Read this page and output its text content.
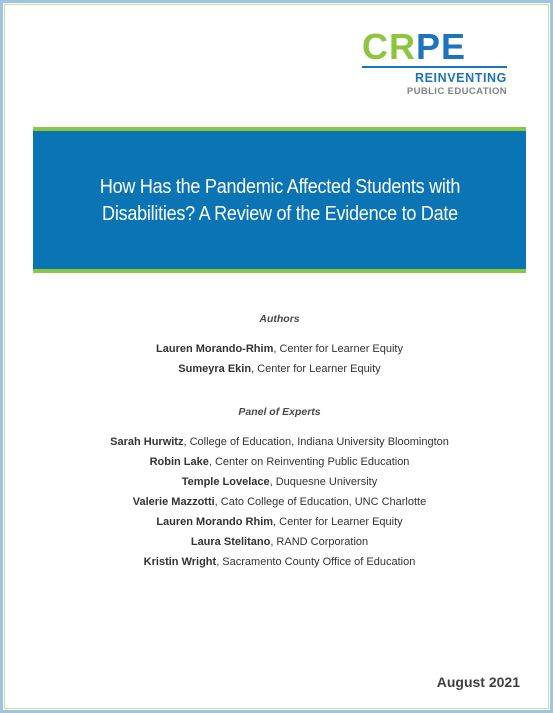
CRPE
REINVENTING
PUBLIC EDUCATION
How Has the Pandemic Affected Students with
Disabilities? A Review of the Evidence to Date

Authors

Lauren Morando-Rhim, Center for Learner Equity

Sumeyra Ekin, Center for Learner Equity

Panel of Experts

Sarah Hurwitz, College of Education, Indiana University Bloomington

Robin Lake, Center on Reinventing Public Education

Temple Lovelace, Duquesne University

Valerie Mazzotti, Cato College of Education, UNC Charlotte

Lauren Morando Rhim, Center for Learner Equity

Laura Stelitano, RAND Corporation

Kristin Wright, Sacramento County Office of Education

August 2021
